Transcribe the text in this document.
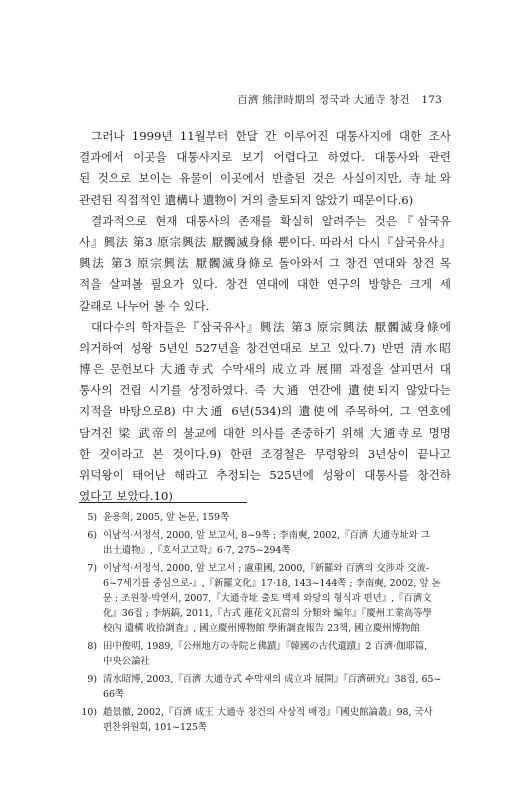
百濟 熊津時期의 정국과 大通寺 창건 173
그러나 1999년 11월부터 한달 간 이루어진 대통사지에 대한 조사
결과에서 이곳을 대통사지로 보기 어렵다고 하였다. 대통사와 관련
된 것으로 보이는 유물이 이곳에서 반출된 것은 사실이지만, 寺址와
관련된 직접적인 遺構나 遺物이 거의 출토되지 않았기 때문이다.6)
결과적으로 현재 대통사의 존재를 확실히 알려주는 것은『삼국유
사』興法 第3 原宗興法 厭髑滅身條 뿐이다. 따라서 다시『삼국유사』
興法 第3 原宗興法 厭髑滅身條로 돌아와서 그 창건 연대와 창건 목
적을 살펴볼 필요가 있다. 창건 연대에 대한 연구의 방향은 크게 세
갈래로 나누어 볼 수 있다.
대다수의 학자들은『삼국유사』興法 第3 原宗興法 厭髑滅身條에
의거하여 성왕 5년인 527년을 창건연대로 보고 있다.7) 반면 清水昭
博은 문헌보다 大通寺式 수막새의 成立과 展開 과정을 살피면서 대
통사의 건립 시기를 상정하였다. 즉 大通 연간에 遺使되지 않았다는
지적을 바탕으로8) 中大通 6년(534)의 遺使에 주목하여, 그 연호에
담겨진 梁 武帝의 불교에 대한 의사를 존중하기 위해 大通寺로 명명
한 것이라고 본 것이다.9) 한편 조경철은 무령왕의 3년상이 끝나고
위덕왕이 태어난 해라고 추정되는 525년에 성왕이 대통사를 창건하
였다고 보았다.10)
5) 윤용혁, 2005, 앞 논문, 159쪽
6) 이남석·서정석, 2000, 앞 보고서, 8~9쪽 ; 李南奭, 2002,『百濟 大通寺址와 그
出土遺物』,『호서고고학』6·7, 275~294쪽
7) 이남석·서정석, 2000, 앞 보고서 ; 盧重國, 2000,『新羅와 百濟의 交涉과 交流-
6~7세기를 중심으로-』,『新羅文化』17·18, 143~144쪽 ; 李南奭, 2002, 앞 논
문 ; 조원창·박연서, 2007,『大通寺址 출토 백제 와당의 형식과 편년』,『百濟文
化』36집 ; 李炳鎬, 2011,『古式 蓮花文瓦當의 分類와 編年』『慶州工業高等學
校內 遺構 收拾調査』, 國立慶州博物館 學術調査報告 23책, 國立慶州博物館
8) 田中俊明, 1989,『公州地方の寺院と佛蹟』『韓國の古代遺蹟』2 百濟·伽耶篇,
中央公論社
9) 清水昭博, 2003,『百濟 大通寺式 수막새의 成立과 展開』『百濟硏究』38집, 65~
66쪽
10) 趙景徹, 2002,『百濟 成王 大通寺 창건의 사상적 배경』『國史館論叢』98, 국사
편찬위원회, 101~125쪽
